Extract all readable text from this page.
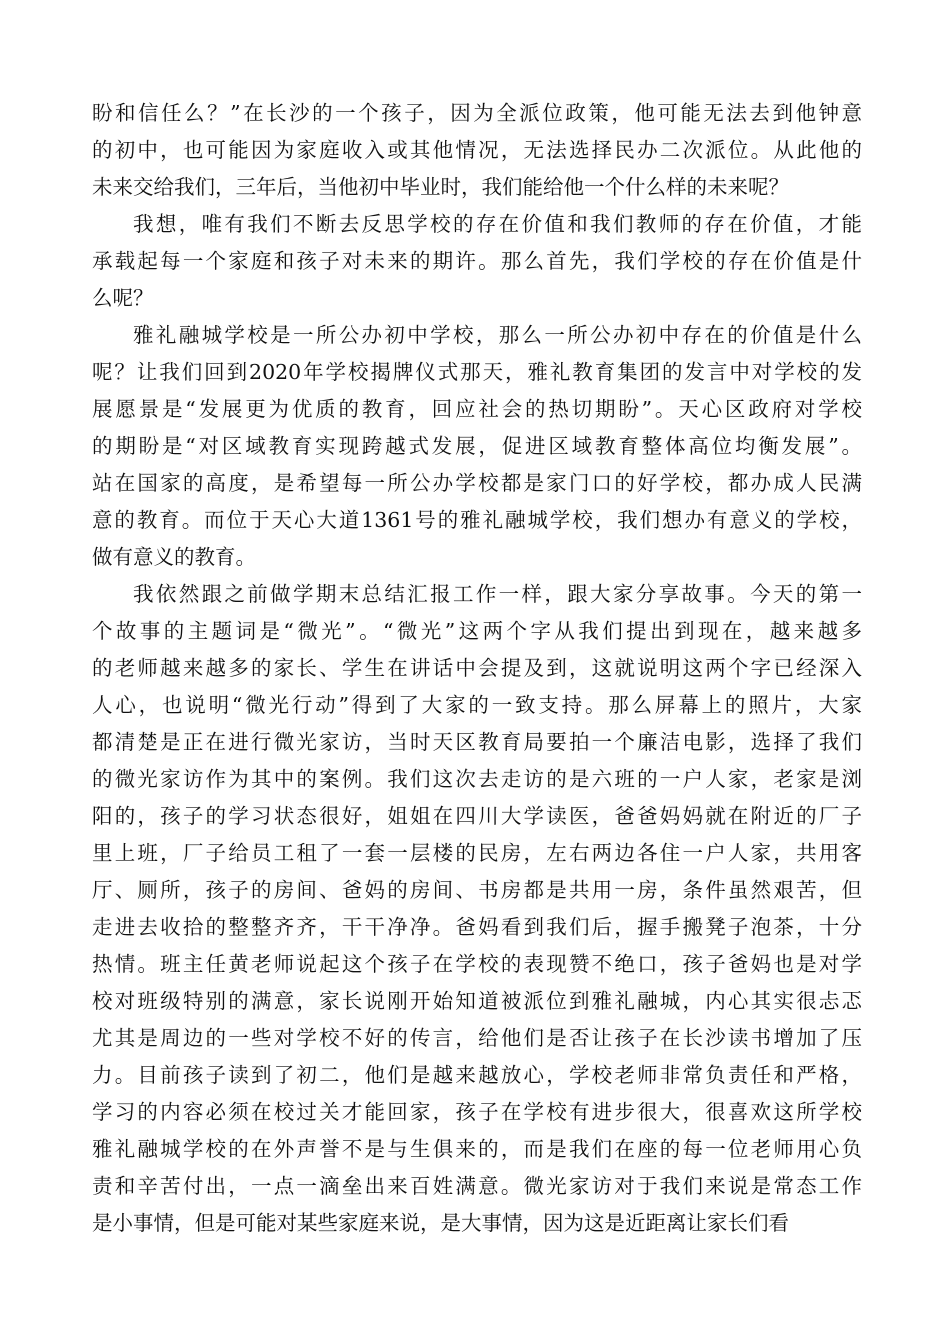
盼和信任么？”在长沙的一个孩子，因为全派位政策，他可能无法去到他钟意
的初中，也可能因为家庭收入或其他情况，无法选择民办二次派位。从此他的
未来交给我们，三年后，当他初中毕业时，我们能给他一个什么样的未来呢？
我想，唯有我们不断去反思学校的存在价值和我们教师的存在价值，才能
承载起每一个家庭和孩子对未来的期许。那么首先，我们学校的存在价值是什
么呢？
雅礼融城学校是一所公办初中学校，那么一所公办初中存在的价值是什么
呢？让我们回到2020年学校揭牌仪式那天，雅礼教育集团的发言中对学校的发
展愿景是“发展更为优质的教育，回应社会的热切期盼”。天心区政府对学校
的期盼是“对区域教育实现跨越式发展，促进区域教育整体高位均衡发展”。
站在国家的高度，是希望每一所公办学校都是家门口的好学校，都办成人民满
意的教育。而位于天心大道1361号的雅礼融城学校，我们想办有意义的学校，
做有意义的教育。
我依然跟之前做学期末总结汇报工作一样，跟大家分享故事。今天的第一
个故事的主题词是“微光”。“微光”这两个字从我们提出到现在，越来越多
的老师越来越多的家长、学生在讲话中会提及到，这就说明这两个字已经深入
人心，也说明“微光行动”得到了大家的一致支持。那么屏幕上的照片，大家
都清楚是正在进行微光家访，当时天区教育局要拍一个廉洁电影，选择了我们
的微光家访作为其中的案例。我们这次去走访的是六班的一户人家，老家是浏
阳的，孩子的学习状态很好，姐姐在四川大学读医，爸爸妈妈就在附近的厂子
里上班，厂子给员工租了一套一层楼的民房，左右两边各住一户人家，共用客
厅、厕所，孩子的房间、爸妈的房间、书房都是共用一房，条件虽然艰苦，但
走进去收拾的整整齐齐，干干净净。爸妈看到我们后，握手搬凳子泡茶，十分
热情。班主任黄老师说起这个孩子在学校的表现赞不绝口，孩子爸妈也是对学
校对班级特别的满意，家长说刚开始知道被派位到雅礼融城，内心其实很忐忑
尤其是周边的一些对学校不好的传言，给他们是否让孩子在长沙读书增加了压
力。目前孩子读到了初二，他们是越来越放心，学校老师非常负责任和严格，
学习的内容必须在校过关才能回家，孩子在学校有进步很大，很喜欢这所学校
雅礼融城学校的在外声誉不是与生俱来的，而是我们在座的每一位老师用心负
责和辛苦付出，一点一滴垒出来百姓满意。微光家访对于我们来说是常态工作
是小事情，但是可能对某些家庭来说，是大事情，因为这是近距离让家长们看
